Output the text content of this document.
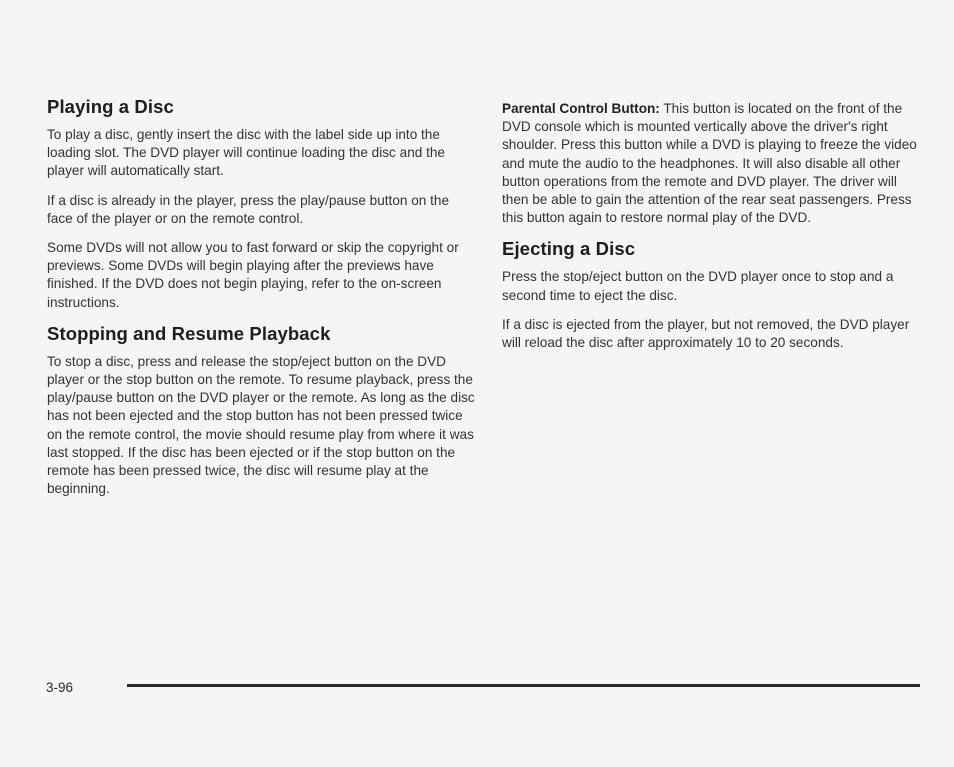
Playing a Disc

To play a disc, gently insert the disc with the label side up into the loading slot. The DVD player will continue loading the disc and the player will automatically start.

If a disc is already in the player, press the play/pause button on the face of the player or on the remote control.

Some DVDs will not allow you to fast forward or skip the copyright or previews. Some DVDs will begin playing after the previews have finished. If the DVD does not begin playing, refer to the on-screen instructions.

Stopping and Resume Playback

To stop a disc, press and release the stop/eject button on the DVD player or the stop button on the remote. To resume playback, press the play/pause button on the DVD player or the remote. As long as the disc has not been ejected and the stop button has not been pressed twice on the remote control, the movie should resume play from where it was last stopped. If the disc has been ejected or if the stop button on the remote has been pressed twice, the disc will resume play at the beginning.

Parental Control Button: This button is located on the front of the DVD console which is mounted vertically above the driver's right shoulder. Press this button while a DVD is playing to freeze the video and mute the audio to the headphones. It will also disable all other button operations from the remote and DVD player. The driver will then be able to gain the attention of the rear seat passengers. Press this button again to restore normal play of the DVD.

Ejecting a Disc

Press the stop/eject button on the DVD player once to stop and a second time to eject the disc.

If a disc is ejected from the player, but not removed, the DVD player will reload the disc after approximately 10 to 20 seconds.

3-96
